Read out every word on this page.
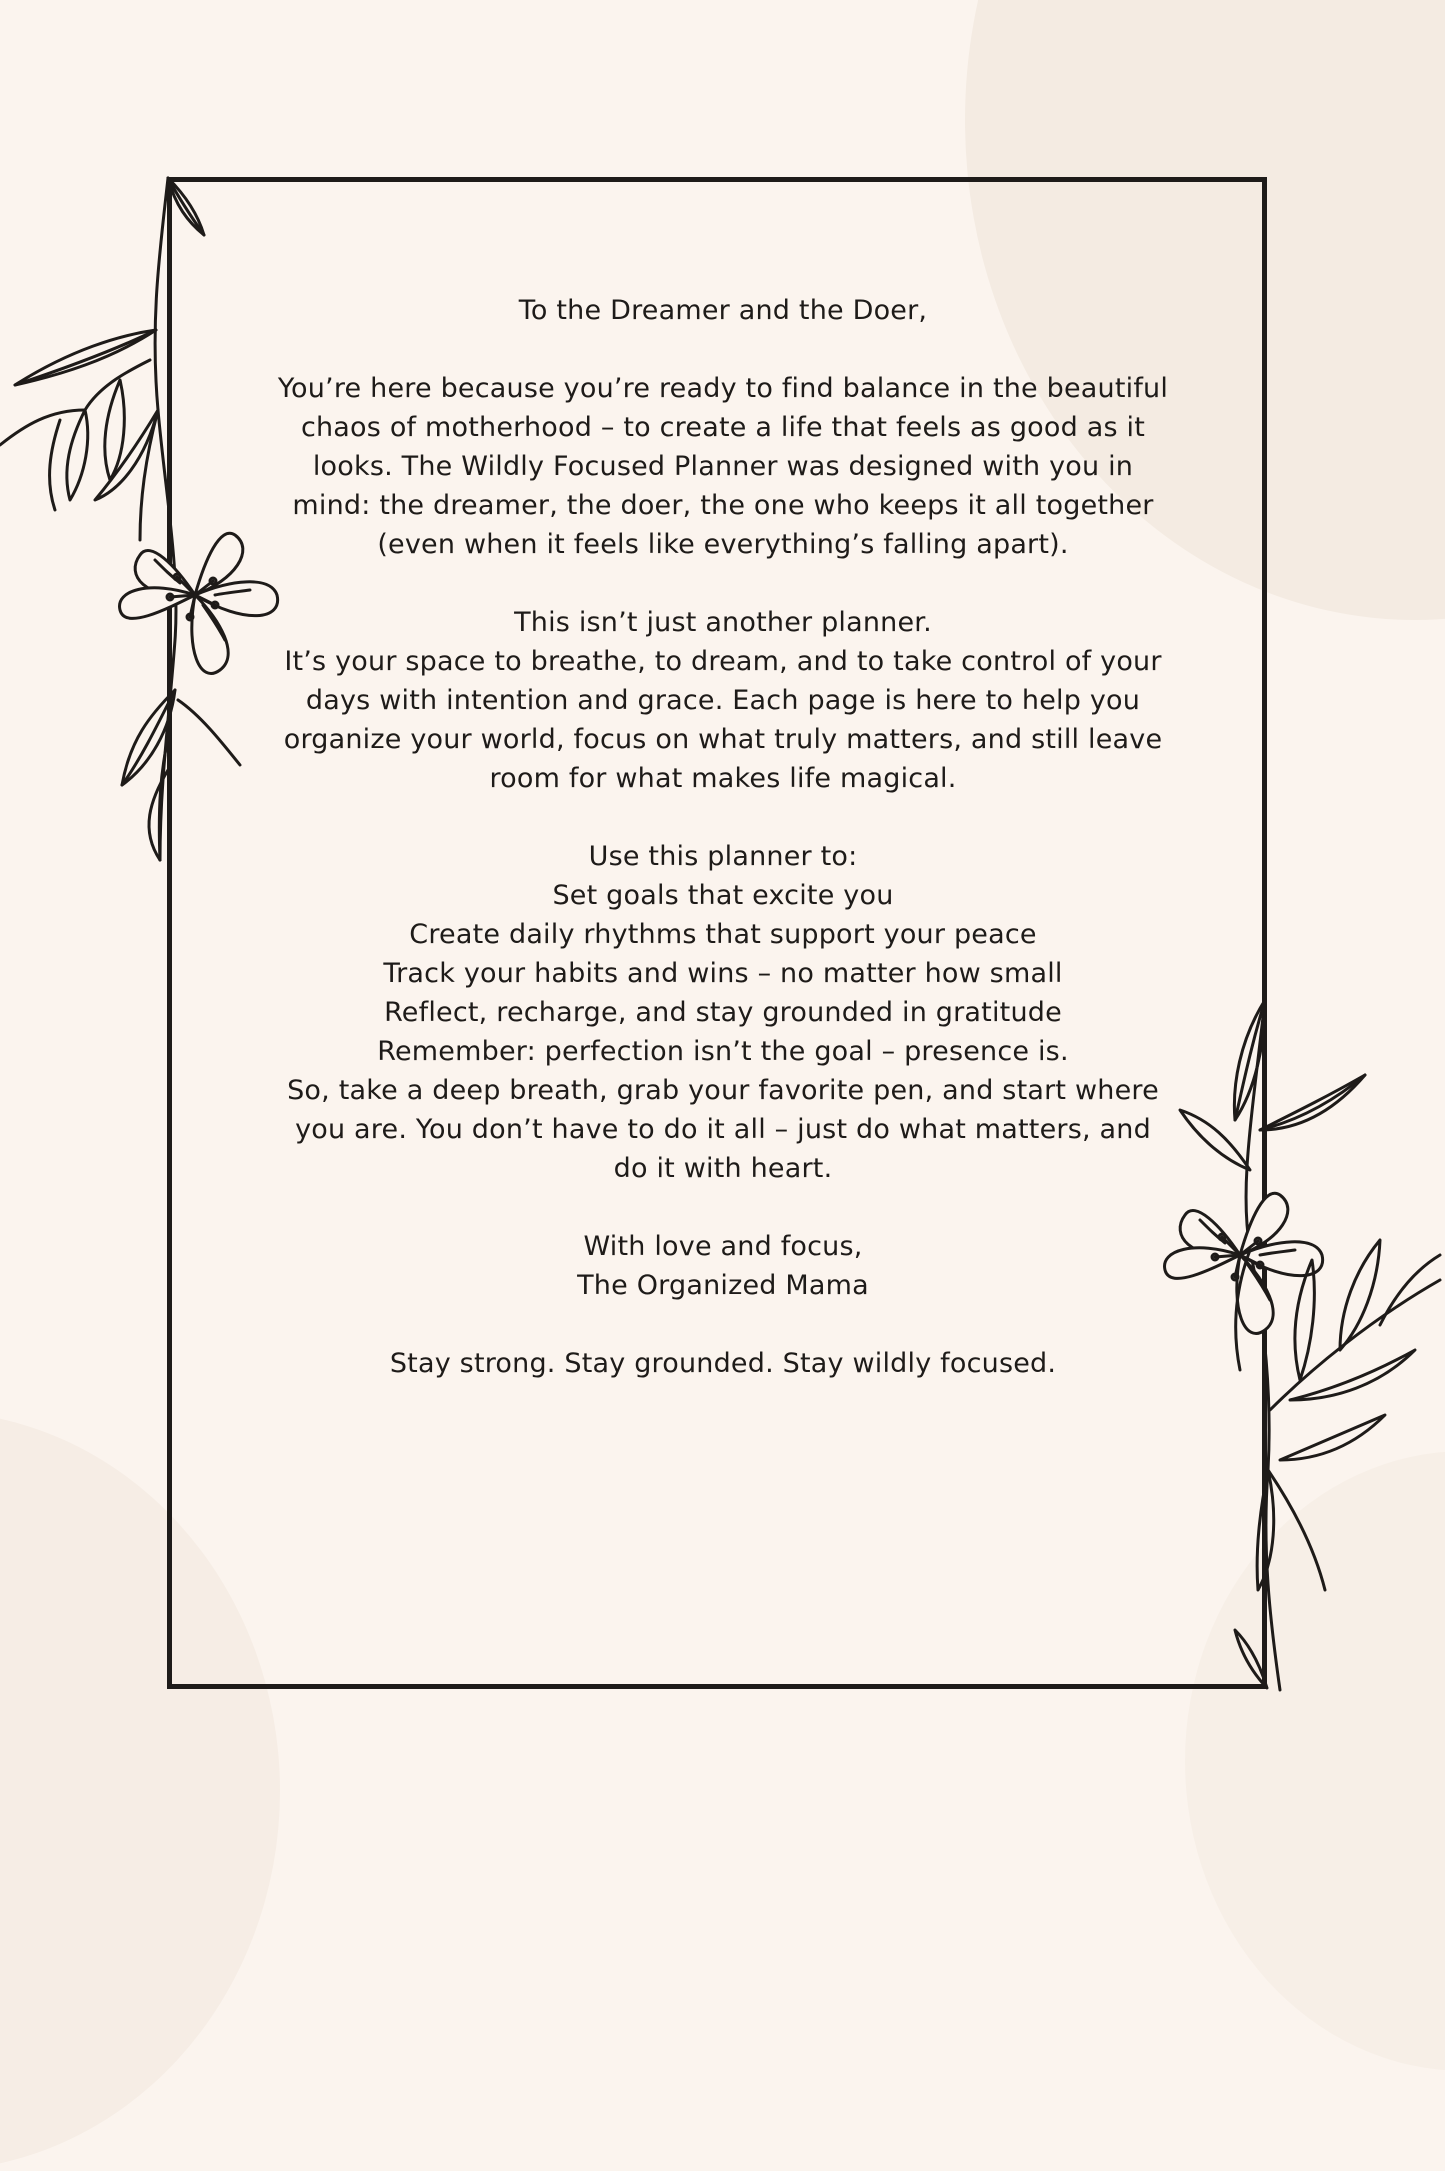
To the Dreamer and the Doer,

You’re here because you’re ready to find balance in the beautiful
chaos of motherhood – to create a life that feels as good as it
looks. The Wildly Focused Planner was designed with you in
mind: the dreamer, the doer, the one who keeps it all together
(even when it feels like everything’s falling apart).

This isn’t just another planner.
It’s your space to breathe, to dream, and to take control of your
days with intention and grace. Each page is here to help you
organize your world, focus on what truly matters, and still leave
room for what makes life magical.

Use this planner to:

Set goals that excite you

Create daily rhythms that support your peace

Track your habits and wins – no matter how small

Reflect, recharge, and stay grounded in gratitude

Remember: perfection isn’t the goal – presence is.

So, take a deep breath, grab your favorite pen, and start where
you are. You don’t have to do it all – just do what matters, and
do it with heart.

With love and focus,

The Organized Mama

Stay strong. Stay grounded. Stay wildly focused.
